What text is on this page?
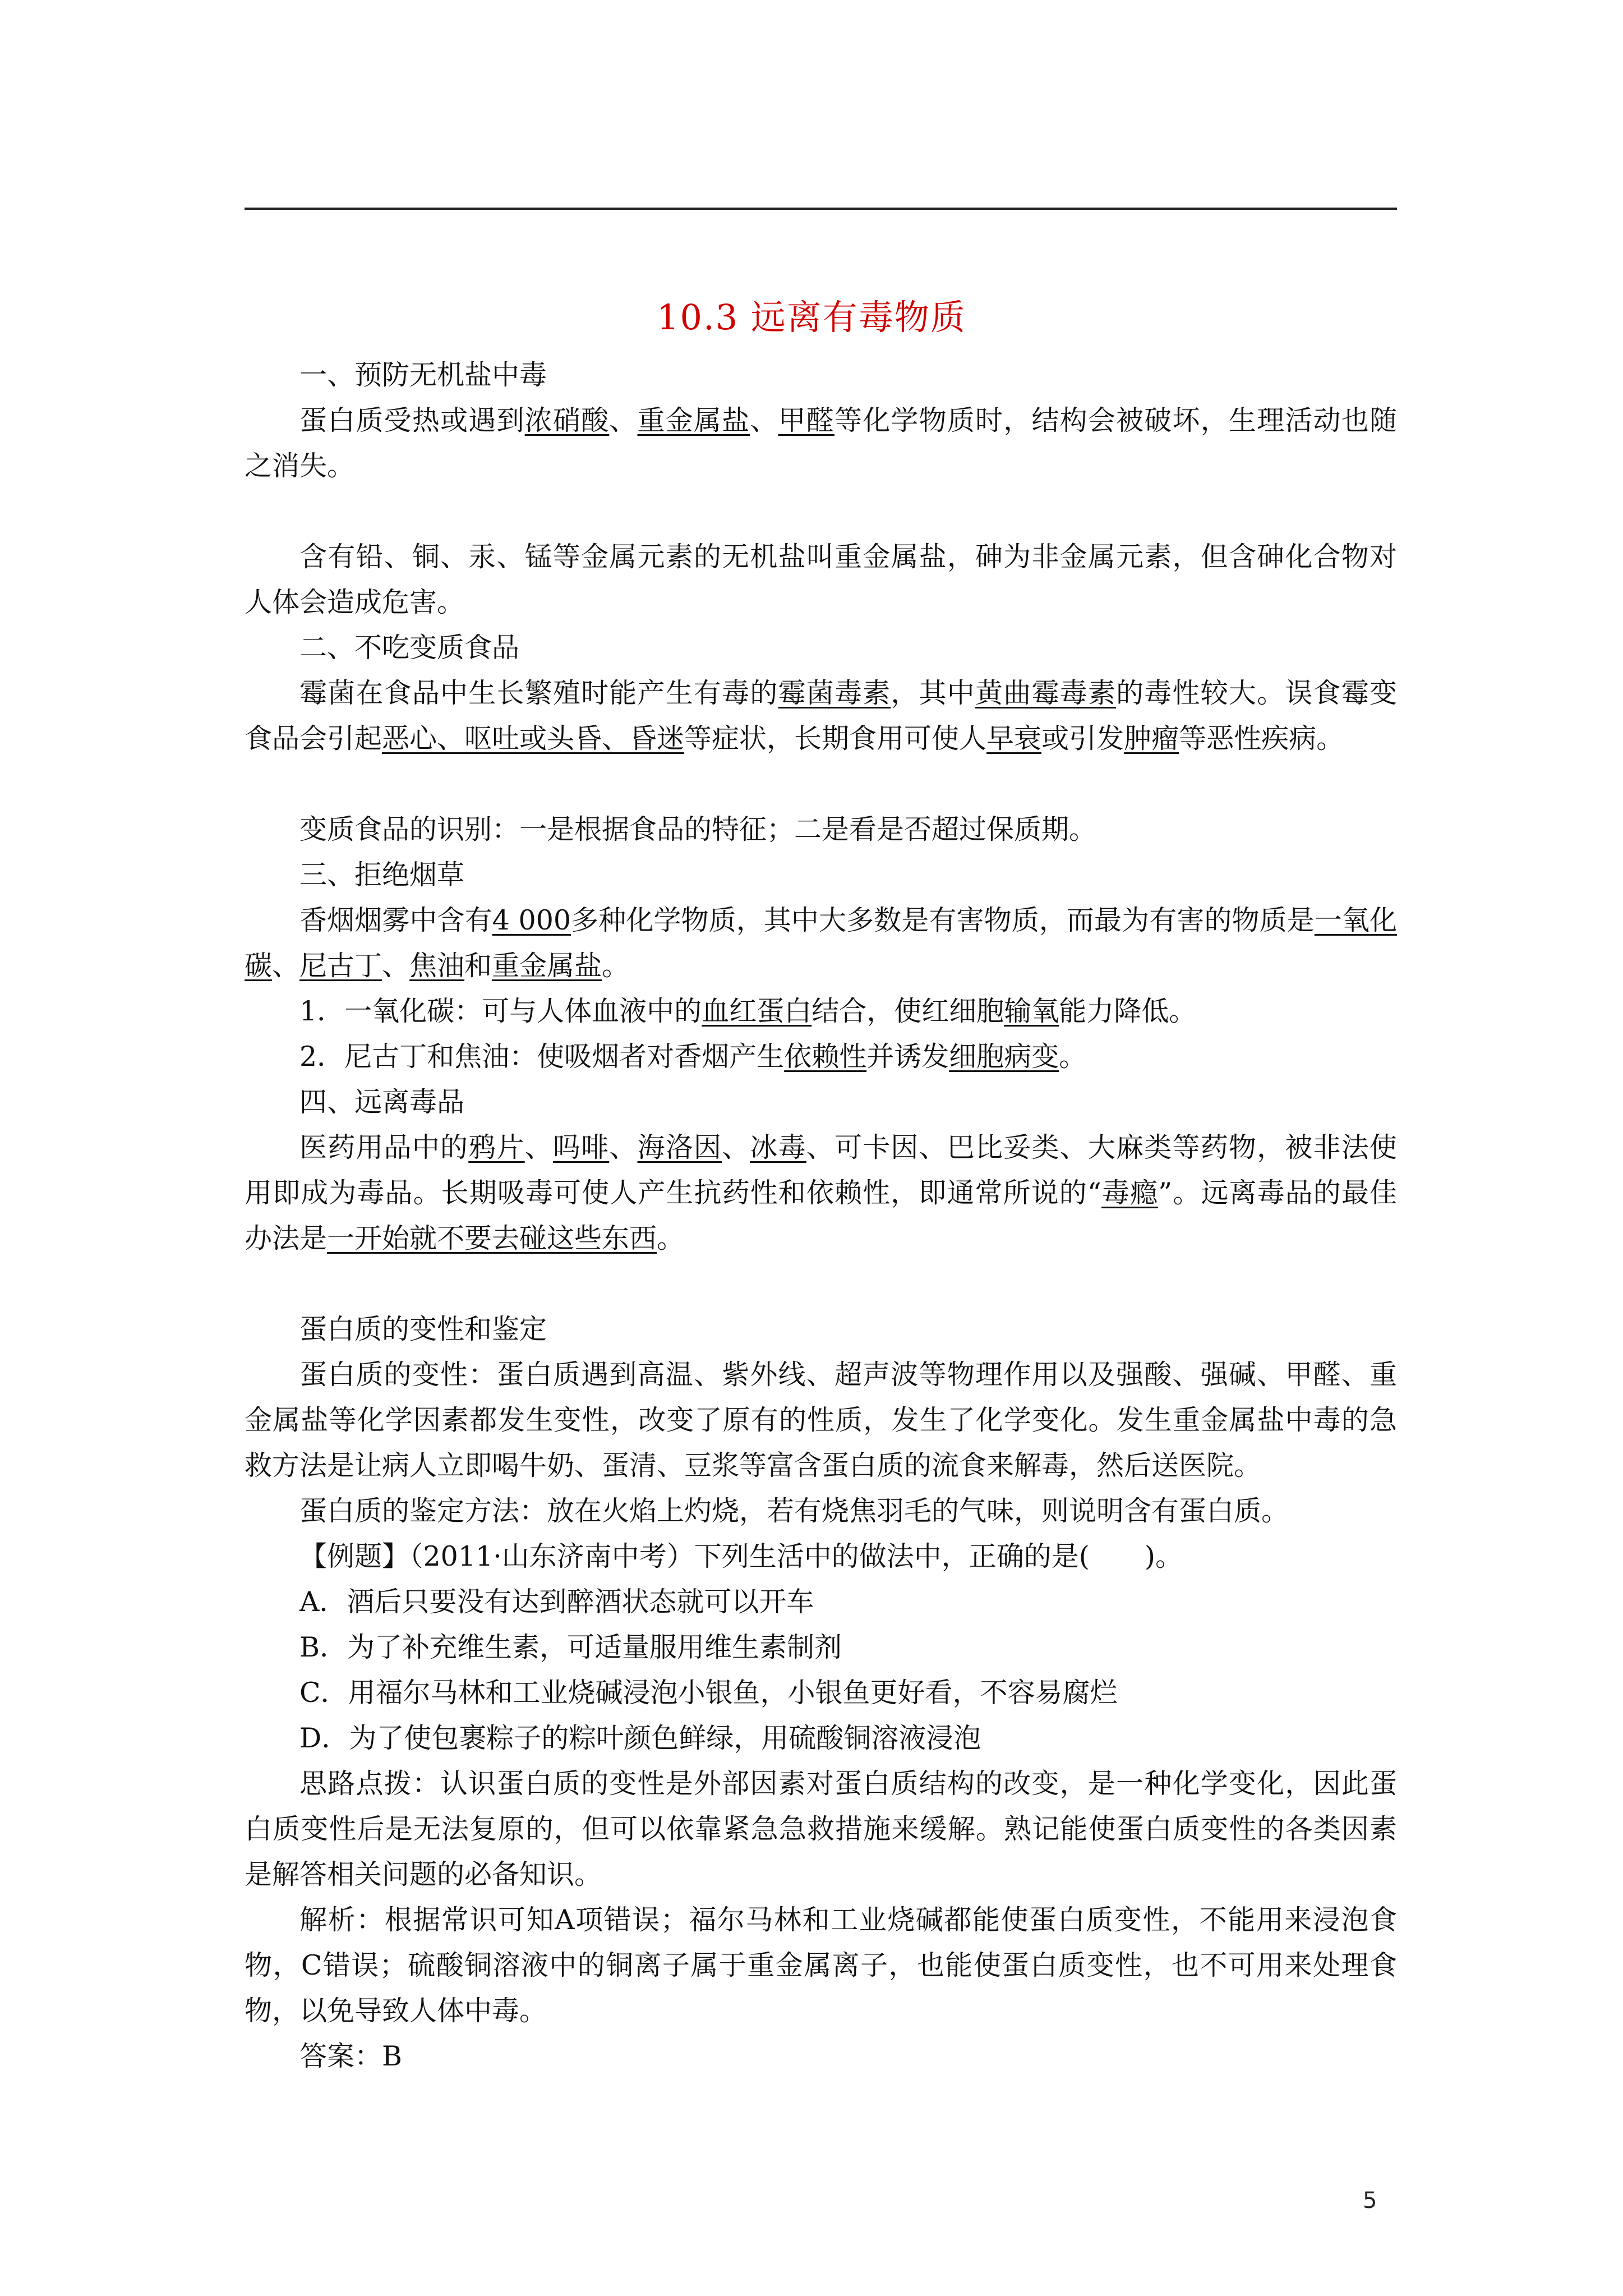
10.3 远离有毒物质

一、预防无机盐中毒

蛋白质受热或遇到浓硝酸、重金属盐、甲醛等化学物质时，结构会被破坏，生理活动也随之消失。

含有铅、铜、汞、锰等金属元素的无机盐叫重金属盐，砷为非金属元素，但含砷化合物对人体会造成危害。

二、不吃变质食品

霉菌在食品中生长繁殖时能产生有毒的霉菌毒素，其中黄曲霉毒素的毒性较大。误食霉变食品会引起恶心、呕吐或头昏、昏迷等症状，长期食用可使人早衰或引发肿瘤等恶性疾病。

变质食品的识别：一是根据食品的特征；二是看是否超过保质期。

三、拒绝烟草

香烟烟雾中含有4 000多种化学物质，其中大多数是有害物质，而最为有害的物质是一氧化碳、尼古丁、焦油和重金属盐。

1．一氧化碳：可与人体血液中的血红蛋白结合，使红细胞输氧能力降低。

2．尼古丁和焦油：使吸烟者对香烟产生依赖性并诱发细胞病变。

四、远离毒品

医药用品中的鸦片、吗啡、海洛因、冰毒、可卡因、巴比妥类、大麻类等药物，被非法使用即成为毒品。长期吸毒可使人产生抗药性和依赖性，即通常所说的“毒瘾”。远离毒品的最佳办法是一开始就不要去碰这些东西。

蛋白质的变性和鉴定

蛋白质的变性：蛋白质遇到高温、紫外线、超声波等物理作用以及强酸、强碱、甲醛、重金属盐等化学因素都发生变性，改变了原有的性质，发生了化学变化。发生重金属盐中毒的急救方法是让病人立即喝牛奶、蛋清、豆浆等富含蛋白质的流食来解毒，然后送医院。

蛋白质的鉴定方法：放在火焰上灼烧，若有烧焦羽毛的气味，则说明含有蛋白质。

【例题】（2011·山东济南中考）下列生活中的做法中，正确的是(　　)。

A．酒后只要没有达到醉酒状态就可以开车

B．为了补充维生素，可适量服用维生素制剂

C．用福尔马林和工业烧碱浸泡小银鱼，小银鱼更好看，不容易腐烂

D．为了使包裹粽子的粽叶颜色鲜绿，用硫酸铜溶液浸泡

思路点拨：认识蛋白质的变性是外部因素对蛋白质结构的改变，是一种化学变化，因此蛋白质变性后是无法复原的，但可以依靠紧急急救措施来缓解。熟记能使蛋白质变性的各类因素是解答相关问题的必备知识。

解析：根据常识可知A项错误；福尔马林和工业烧碱都能使蛋白质变性，不能用来浸泡食物，C错误；硫酸铜溶液中的铜离子属于重金属离子，也能使蛋白质变性，也不可用来处理食物，以免导致人体中毒。

答案：B

5
